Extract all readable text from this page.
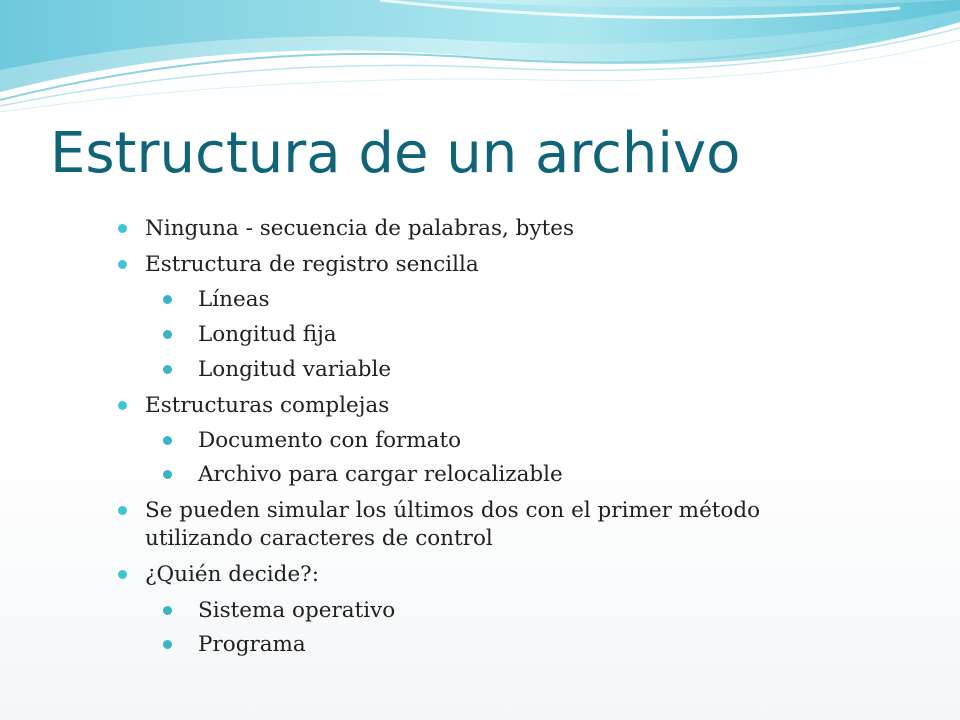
Estructura de un archivo
Ninguna - secuencia de palabras, bytes
Estructura de registro sencilla
Líneas
Longitud fija
Longitud variable
Estructuras complejas
Documento con formato
Archivo para cargar relocalizable
Se pueden simular los últimos dos con el primer método
utilizando caracteres de control
¿Quién decide?:
Sistema operativo
Programa
